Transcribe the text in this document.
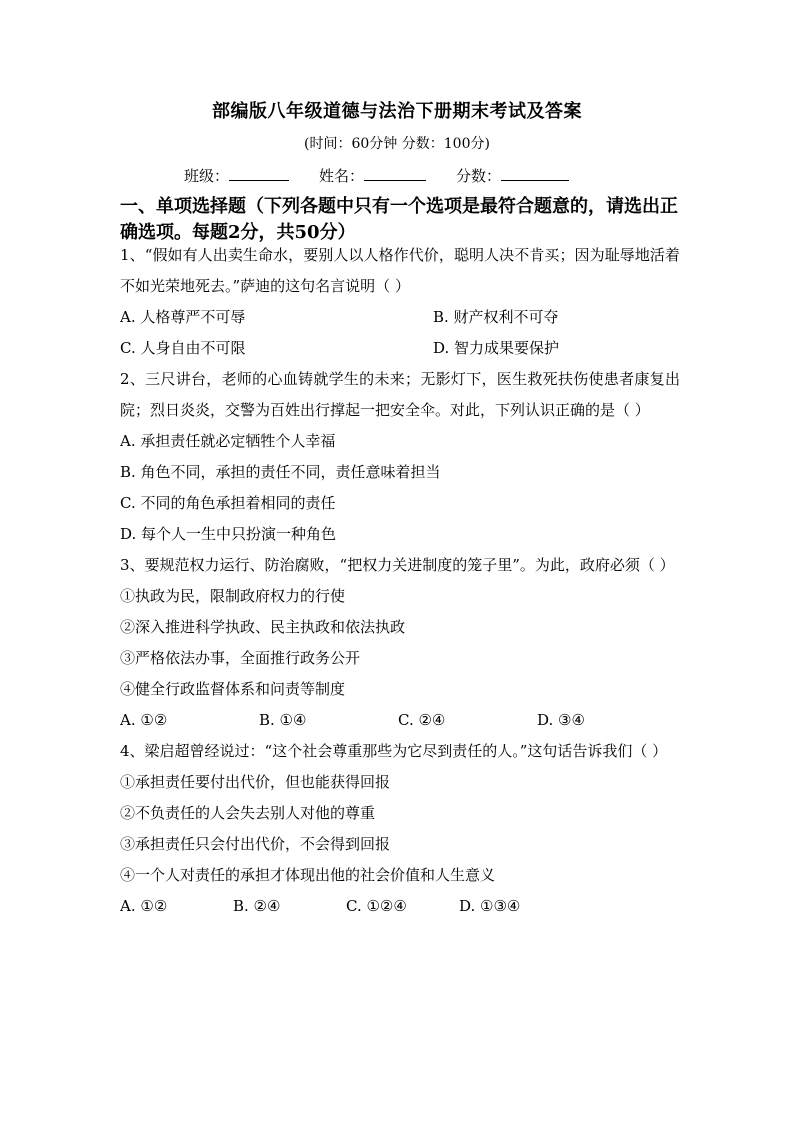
部编版八年级道德与法治下册期末考试及答案
(时间：60分钟 分数：100分)
班级：	姓名：	分数：
一、单项选择题（下列各题中只有一个选项是最符合题意的，请选出正确选项。每题2分，共50分）
1、“假如有人出卖生命水，要别人以人格作代价，聪明人决不肯买；因为耻辱地活着不如光荣地死去。”萨迪的这句名言说明（ ）
A. 人格尊严不可辱	B. 财产权利不可夺
C. 人身自由不可限	D. 智力成果要保护
2、三尺讲台，老师的心血铸就学生的未来；无影灯下，医生救死扶伤使患者康复出院；烈日炎炎，交警为百姓出行撑起一把安全伞。对此，下列认识正确的是（ ）
A. 承担责任就必定牺牲个人幸福
B. 角色不同，承担的责任不同，责任意味着担当
C. 不同的角色承担着相同的责任
D. 每个人一生中只扮演一种角色
3、要规范权力运行、防治腐败，“把权力关进制度的笼子里”。为此，政府必须（ ）
①执政为民，限制政府权力的行使
②深入推进科学执政、民主执政和依法执政
③严格依法办事，全面推行政务公开
④健全行政监督体系和问责等制度
A. ①②	B. ①④	C. ②④	D. ③④
4、梁启超曾经说过：“这个社会尊重那些为它尽到责任的人。”这句话告诉我们（ ）
①承担责任要付出代价，但也能获得回报
②不负责任的人会失去别人对他的尊重
③承担责任只会付出代价，不会得到回报
④一个人对责任的承担才体现出他的社会价值和人生意义
A. ①②	B. ②④	C. ①②④	D. ①③④
